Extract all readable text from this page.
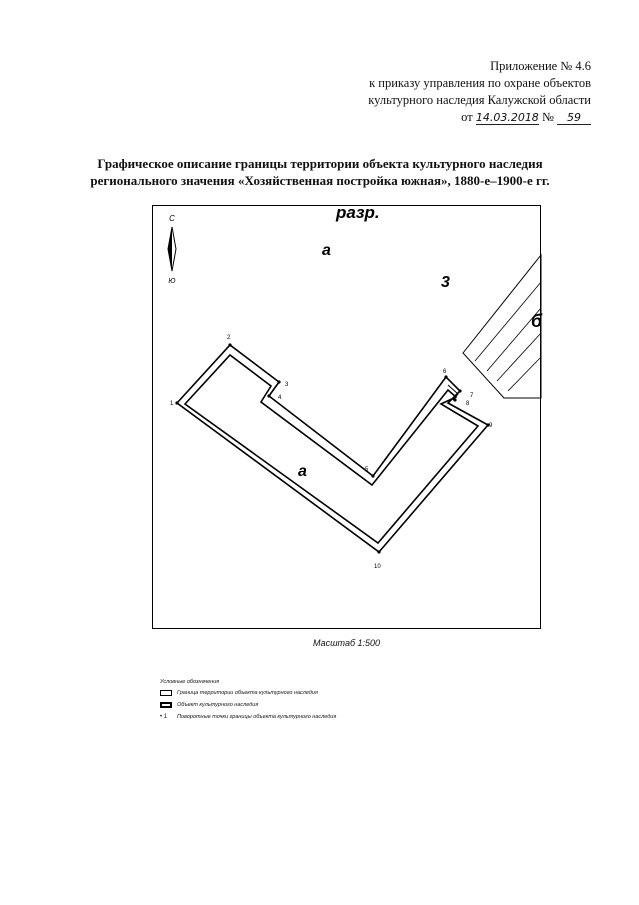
Приложение № 4.6
к приказу управления по охране объектов
культурного наследия Калужской области
от 14.03.2018 № 59
Графическое описание границы территории объекта культурного наследия
регионального значения «Хозяйственная постройка южная», 1880-е–1900-е гг.
С
Ю
разр.
а
3
б
а
1
2
3
4
5
6
7
8
9
10
Масштаб 1:500
Условные обозначения
Граница территории объекта культурного наследия
Объект культурного наследия
• 1	Поворотные точки границы объекта культурного наследия
